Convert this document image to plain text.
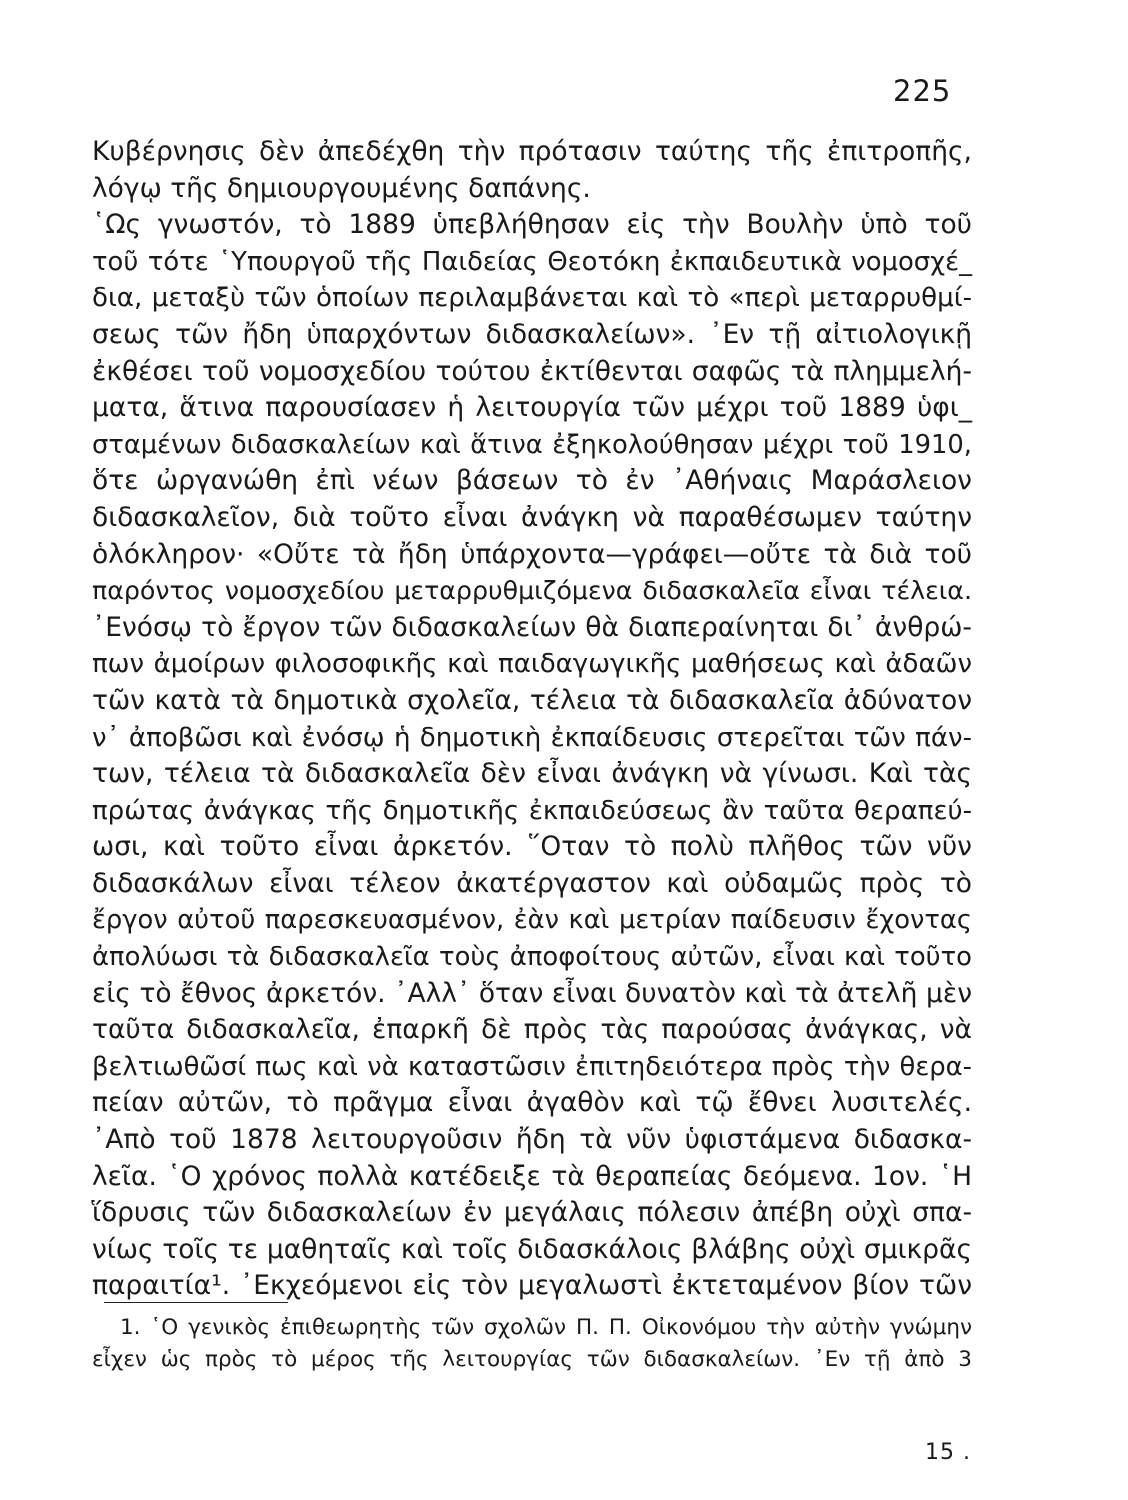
225
Κυβέρνησις δὲν ἀπεδέχθη τὴν πρότασιν ταύτης τῆς ἐπιτροπῆς,
λόγῳ τῆς δημιουργουμένης δαπάνης.
῾Ως γνωστόν, τὸ 1889 ὑπεβλήθησαν εἰς τὴν Βουλὴν ὑπὸ τοῦ
τοῦ τότε ῾Υπουργοῦ τῆς Παιδείας Θεοτόκη ἐκπαιδευτικὰ νομοσχέ_
δια, μεταξὺ τῶν ὁποίων περιλαμβάνεται καὶ τὸ «περὶ μεταρρυθμί-
σεως τῶν ἤδη ὑπαρχόντων διδασκαλείων». ᾽Εν τῇ αἰτιολογικῇ
ἐκθέσει τοῦ νομοσχεδίου τούτου ἐκτίθενται σαφῶς τὰ πλημμελή-
ματα, ἅτινα παρουσίασεν ἡ λειτουργία τῶν μέχρι τοῦ 1889 ὑφι_
σταμένων διδασκαλείων καὶ ἅτινα ἐξηκολούθησαν μέχρι τοῦ 1910,
ὅτε ὠργανώθη ἐπὶ νέων βάσεων τὸ ἐν ᾽Αθήναις Μαράσλειον
διδασκαλεῖον, διὰ τοῦτο εἶναι ἀνάγκη νὰ παραθέσωμεν ταύτην
ὁλόκληρον· «Οὔτε τὰ ἤδη ὑπάρχοντα—γράφει—οὔτε τὰ διὰ τοῦ
παρόντος νομοσχεδίου μεταρρυθμιζόμενα διδασκαλεῖα εἶναι τέλεια.
᾽Ενόσῳ τὸ ἔργον τῶν διδασκαλείων θὰ διαπεραίνηται δι᾽ ἀνθρώ-
πων ἀμοίρων φιλοσοφικῆς καὶ παιδαγωγικῆς μαθήσεως καὶ ἀδαῶν
τῶν κατὰ τὰ δημοτικὰ σχολεῖα, τέλεια τὰ διδασκαλεῖα ἀδύνατον
ν᾽ ἀποβῶσι καὶ ἐνόσῳ ἡ δημοτικὴ ἐκπαίδευσις στερεῖται τῶν πάν-
των, τέλεια τὰ διδασκαλεῖα δὲν εἶναι ἀνάγκη νὰ γίνωσι. Καὶ τὰς
πρώτας ἀνάγκας τῆς δημοτικῆς ἐκπαιδεύσεως ἂν ταῦτα θεραπεύ-
ωσι, καὶ τοῦτο εἶναι ἀρκετόν. ῞Οταν τὸ πολὺ πλῆθος τῶν νῦν
διδασκάλων εἶναι τέλεον ἀκατέργαστον καὶ οὐδαμῶς πρὸς τὸ
ἔργον αὐτοῦ παρεσκευασμένον, ἐὰν καὶ μετρίαν παίδευσιν ἔχοντας
ἀπολύωσι τὰ διδασκαλεῖα τοὺς ἀποφοίτους αὐτῶν, εἶναι καὶ τοῦτο
εἰς τὸ ἔθνος ἀρκετόν. ᾽Αλλ᾽ ὅταν εἶναι δυνατὸν καὶ τὰ ἀτελῆ μὲν
ταῦτα διδασκαλεῖα, ἐπαρκῆ δὲ πρὸς τὰς παρούσας ἀνάγκας, νὰ
βελτιωθῶσί πως καὶ νὰ καταστῶσιν ἐπιτηδειότερα πρὸς τὴν θερα-
πείαν αὐτῶν, τὸ πρᾶγμα εἶναι ἀγαθὸν καὶ τῷ ἔθνει λυσιτελές.
᾽Απὸ τοῦ 1878 λειτουργοῦσιν ἤδη τὰ νῦν ὑφιστάμενα διδασκα-
λεῖα. ῾Ο χρόνος πολλὰ κατέδειξε τὰ θεραπείας δεόμενα. 1ον. ῾Η
ἵδρυσις τῶν διδασκαλείων ἐν μεγάλαις πόλεσιν ἀπέβη οὐχὶ σπα-
νίως τοῖς τε μαθηταῖς καὶ τοῖς διδασκάλοις βλάβης οὐχὶ σμικρᾶς
παραιτία¹. ᾽Εκχεόμενοι εἰς τὸν μεγαλωστὶ ἐκτεταμένον βίον τῶν
1. ῾Ο γενικὸς ἐπιθεωρητὴς τῶν σχολῶν Π. Π. Οἰκονόμου τὴν αὐτὴν γνώμην
εἶχεν ὡς πρὸς τὸ μέρος τῆς λειτουργίας τῶν διδασκαλείων. ᾽Εν τῇ ἀπὸ 3
15 .
